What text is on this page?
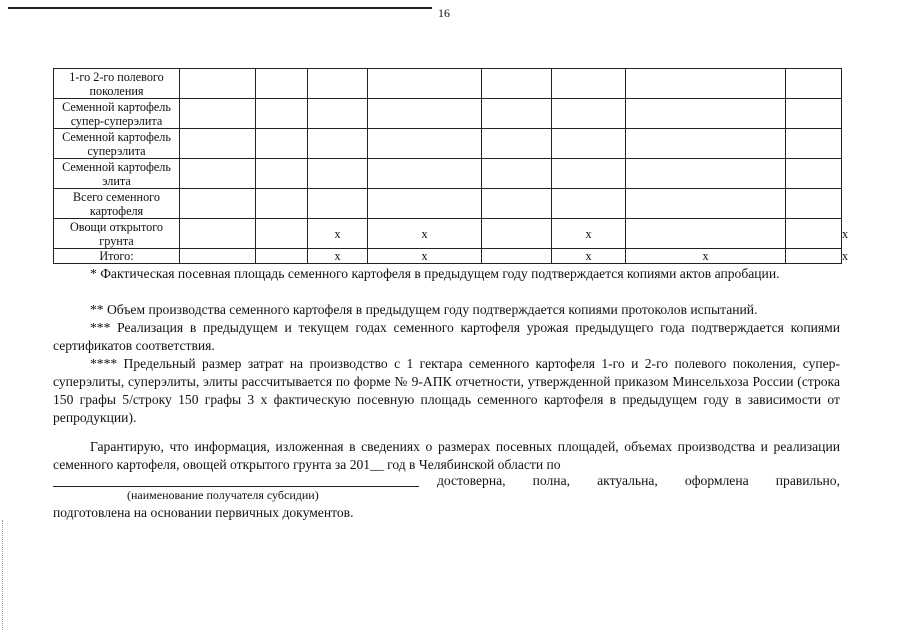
16
1-го 2-го полевого поколения									
Семенной картофель супер-суперэлита									
Семенной картофель суперэлита									
Семенной картофель элита									
Всего семенного картофеля									
Овощи открытого грунта			x	x		x			x
Итого:			x	x		x	x		x

* Фактическая посевная площадь семенного картофеля в предыдущем году подтверждается копиями актов апробации.

** Объем производства семенного картофеля в предыдущем году подтверждается копиями протоколов испытаний.

*** Реализация в предыдущем и текущем годах семенного картофеля урожая предыдущего года подтверждается копиями сертификатов соответствия.

**** Предельный размер затрат на производство с 1 гектара семенного картофеля 1-го и 2-го полевого поколения, супер-суперэлиты, суперэлиты, элиты рассчитывается по форме № 9-АПК отчетности, утвержденной приказом Минсельхоза России (строка 150 графы 5/строку 150 графы 3 х фактическую посевную площадь семенного картофеля в предыдущем году в зависимости от репродукции).

Гарантирую, что информация, изложенная в сведениях о размерах посевных площадей, объемах производства и реализации семенного картофеля, овощей открытого грунта за 201__ год в Челябинской области по

достоверна, полна, актуальна, оформлена правильно,
(наименование получателя субсидии)

подготовлена на основании первичных документов.
